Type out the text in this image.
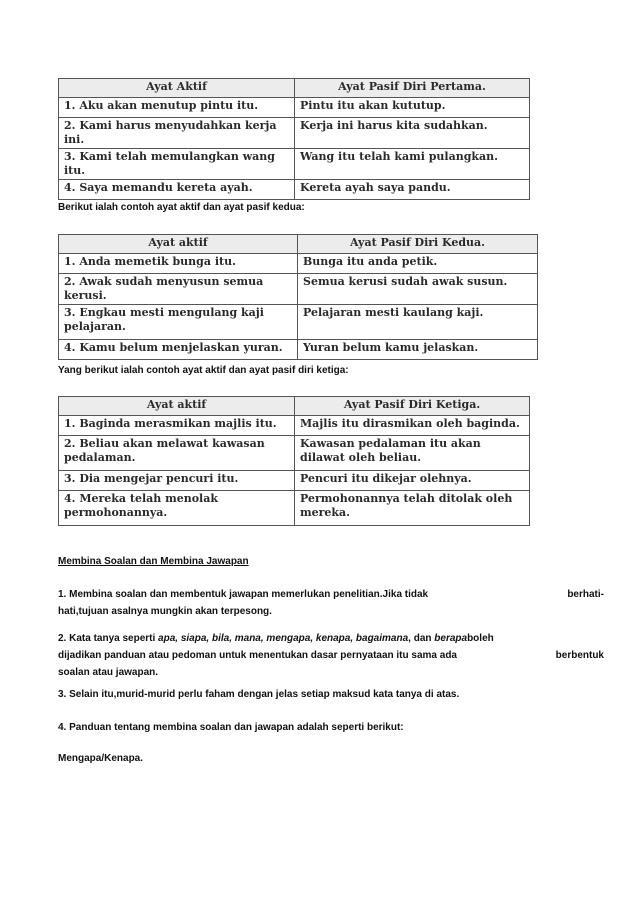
Ayat Aktif	Ayat Pasif Diri Pertama.
1. Aku akan menutup pintu itu.	Pintu itu akan kututup.
2. Kami harus menyudahkan kerja ini.	Kerja ini harus kita sudahkan.
3. Kami telah memulangkan wang itu.	Wang itu telah kami pulangkan.
4. Saya memandu kereta ayah.	Kereta ayah saya pandu.

Berikut ialah contoh ayat aktif dan ayat pasif kedua:

Ayat aktif	Ayat Pasif Diri Kedua.
1. Anda memetik bunga itu.	Bunga itu anda petik.
2. Awak sudah menyusun semua kerusi.	Semua kerusi sudah awak susun.
3. Engkau mesti mengulang kaji pelajaran.	Pelajaran mesti kaulang kaji.
4. Kamu belum menjelaskan yuran.	Yuran belum kamu jelaskan.

Yang berikut ialah contoh ayat aktif dan ayat pasif diri ketiga:

Ayat aktif	Ayat Pasif Diri Ketiga.
1. Baginda merasmikan majlis itu.	Majlis itu dirasmikan oleh baginda.
2. Beliau akan melawat kawasan pedalaman.	Kawasan pedalaman itu akan dilawat oleh beliau.
3. Dia mengejar pencuri itu.	Pencuri itu dikejar olehnya.
4. Mereka telah menolak permohonannya.	Permohonannya telah ditolak oleh mereka.

Membina Soalan dan Membina Jawapan

1. Membina soalan dan membentuk jawapan memerlukan penelitian.Jika tidak	berhati-
hati,tujuan asalnya mungkin akan terpesong.
2. Kata tanya seperti apa, siapa, bila, mana, mengapa, kenapa, bagaimana, dan berapaboleh
dijadikan panduan atau pedoman untuk menentukan dasar pernyataan itu sama ada	berbentuk
soalan atau jawapan.

3. Selain itu,murid-murid perlu faham dengan jelas setiap maksud kata tanya di atas.

4. Panduan tentang membina soalan dan jawapan adalah seperti berikut:

Mengapa/Kenapa.
